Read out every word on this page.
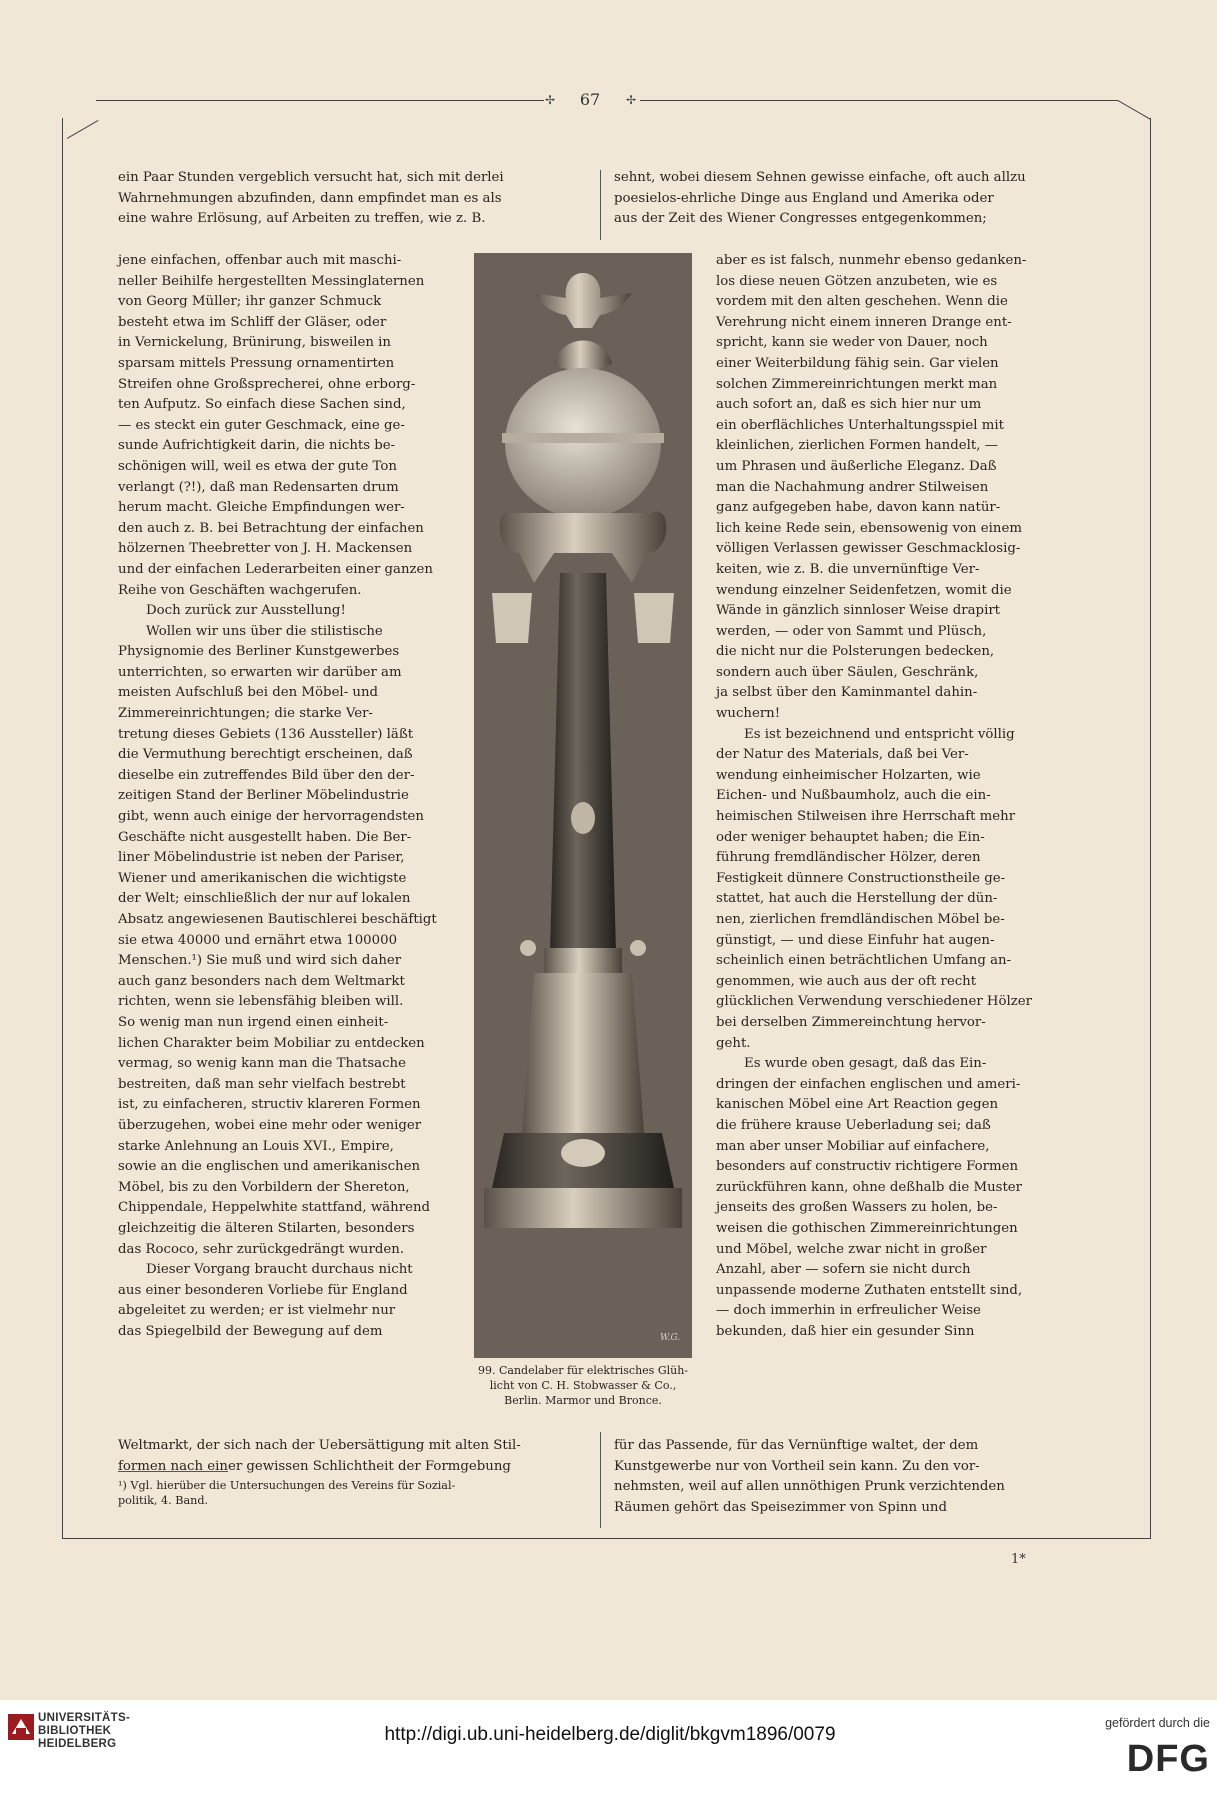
✢	67	✢

ein Paar Stunden vergeblich versucht hat, sich mit derlei

Wahrnehmungen abzufinden, dann empfindet man es als

eine wahre Erlösung, auf Arbeiten zu treffen, wie z. B.

jene einfachen, offenbar auch mit maschi-

neller Beihilfe hergestellten Messinglaternen

von Georg Müller; ihr ganzer Schmuck

besteht etwa im Schliff der Gläser, oder

in Vernickelung, Brünirung, bisweilen in

sparsam mittels Pressung ornamentirten

Streifen ohne Großsprecherei, ohne erborg-

ten Aufputz. So einfach diese Sachen sind,

— es steckt ein guter Geschmack, eine ge-

sunde Aufrichtigkeit darin, die nichts be-

schönigen will, weil es etwa der gute Ton

verlangt (?!), daß man Redensarten drum

herum macht. Gleiche Empfindungen wer-

den auch z. B. bei Betrachtung der einfachen

hölzernen Theebretter von J. H. Mackensen

und der einfachen Lederarbeiten einer ganzen

Reihe von Geschäften wachgerufen.

Doch zurück zur Ausstellung!

Wollen wir uns über die stilistische

Physignomie des Berliner Kunstgewerbes

unterrichten, so erwarten wir darüber am

meisten Aufschluß bei den Möbel- und

Zimmereinrichtungen; die starke Ver-

tretung dieses Gebiets (136 Aussteller) läßt

die Vermuthung berechtigt erscheinen, daß

dieselbe ein zutreffendes Bild über den der-

zeitigen Stand der Berliner Möbelindustrie

gibt, wenn auch einige der hervorragendsten

Geschäfte nicht ausgestellt haben. Die Ber-

liner Möbelindustrie ist neben der Pariser,

Wiener und amerikanischen die wichtigste

der Welt; einschließlich der nur auf lokalen

Absatz angewiesenen Bautischlerei beschäftigt

sie etwa 40000 und ernährt etwa 100000

Menschen.¹) Sie muß und wird sich daher

auch ganz besonders nach dem Weltmarkt

richten, wenn sie lebensfähig bleiben will.

So wenig man nun irgend einen einheit-

lichen Charakter beim Mobiliar zu entdecken

vermag, so wenig kann man die Thatsache

bestreiten, daß man sehr vielfach bestrebt

ist, zu einfacheren, structiv klareren Formen

überzugehen, wobei eine mehr oder weniger

starke Anlehnung an Louis XVI., Empire,

sowie an die englischen und amerikanischen

Möbel, bis zu den Vorbildern der Shereton,

Chippendale, Heppelwhite stattfand, während

gleichzeitig die älteren Stilarten, besonders

das Rococo, sehr zurückgedrängt wurden.

Dieser Vorgang braucht durchaus nicht

aus einer besonderen Vorliebe für England

abgeleitet zu werden; er ist vielmehr nur

das Spiegelbild der Bewegung auf dem	W.G.
99. Candelaber für elektrisches Glüh-
licht von C. H. Stobwasser & Co.,
Berlin. Marmor und Bronce.

sehnt, wobei diesem Sehnen gewisse einfache, oft auch allzu

poesielos-ehrliche Dinge aus England und Amerika oder

aus der Zeit des Wiener Congresses entgegenkommen;

aber es ist falsch, nunmehr ebenso gedanken-

los diese neuen Götzen anzubeten, wie es

vordem mit den alten geschehen. Wenn die

Verehrung nicht einem inneren Drange ent-

spricht, kann sie weder von Dauer, noch

einer Weiterbildung fähig sein. Gar vielen

solchen Zimmereinrichtungen merkt man

auch sofort an, daß es sich hier nur um

ein oberflächliches Unterhaltungsspiel mit

kleinlichen, zierlichen Formen handelt, —

um Phrasen und äußerliche Eleganz. Daß

man die Nachahmung andrer Stilweisen

ganz aufgegeben habe, davon kann natür-

lich keine Rede sein, ebensowenig von einem

völligen Verlassen gewisser Geschmacklosig-

keiten, wie z. B. die unvernünftige Ver-

wendung einzelner Seidenfetzen, womit die

Wände in gänzlich sinnloser Weise drapirt

werden, — oder von Sammt und Plüsch,

die nicht nur die Polsterungen bedecken,

sondern auch über Säulen, Geschränk,

ja selbst über den Kaminmantel dahin-

wuchern!

Es ist bezeichnend und entspricht völlig

der Natur des Materials, daß bei Ver-

wendung einheimischer Holzarten, wie

Eichen- und Nußbaumholz, auch die ein-

heimischen Stilweisen ihre Herrschaft mehr

oder weniger behauptet haben; die Ein-

führung fremdländischer Hölzer, deren

Festigkeit dünnere Constructionstheile ge-

stattet, hat auch die Herstellung der dün-

nen, zierlichen fremdländischen Möbel be-

günstigt, — und diese Einfuhr hat augen-

scheinlich einen beträchtlichen Umfang an-

genommen, wie auch aus der oft recht

glücklichen Verwendung verschiedener Hölzer

bei derselben Zimmereinchtung hervor-

geht.

Es wurde oben gesagt, daß das Ein-

dringen der einfachen englischen und ameri-

kanischen Möbel eine Art Reaction gegen

die frühere krause Ueberladung sei; daß

man aber unser Mobiliar auf einfachere,

besonders auf constructiv richtigere Formen

zurückführen kann, ohne deßhalb die Muster

jenseits des großen Wassers zu holen, be-

weisen die gothischen Zimmereinrichtungen

und Möbel, welche zwar nicht in großer

Anzahl, aber — sofern sie nicht durch

unpassende moderne Zuthaten entstellt sind,

— doch immerhin in erfreulicher Weise

bekunden, daß hier ein gesunder Sinn

Weltmarkt, der sich nach der Uebersättigung mit alten Stil-

formen nach einer gewissen Schlichtheit der Formgebung

für das Passende, für das Vernünftige waltet, der dem

Kunstgewerbe nur von Vortheil sein kann. Zu den vor-

nehmsten, weil auf allen unnöthigen Prunk verzichtenden

Räumen gehört das Speisezimmer von Spinn und

¹) Vgl. hierüber die Untersuchungen des Vereins für Sozial-
politik, 4. Band.
1*
UNIVERSITÄTS-
BIBLIOTHEK
HEIDELBERG	http://digi.ub.uni-heidelberg.de/diglit/bkgvm1896/0079
gefördert durch die
DFG
